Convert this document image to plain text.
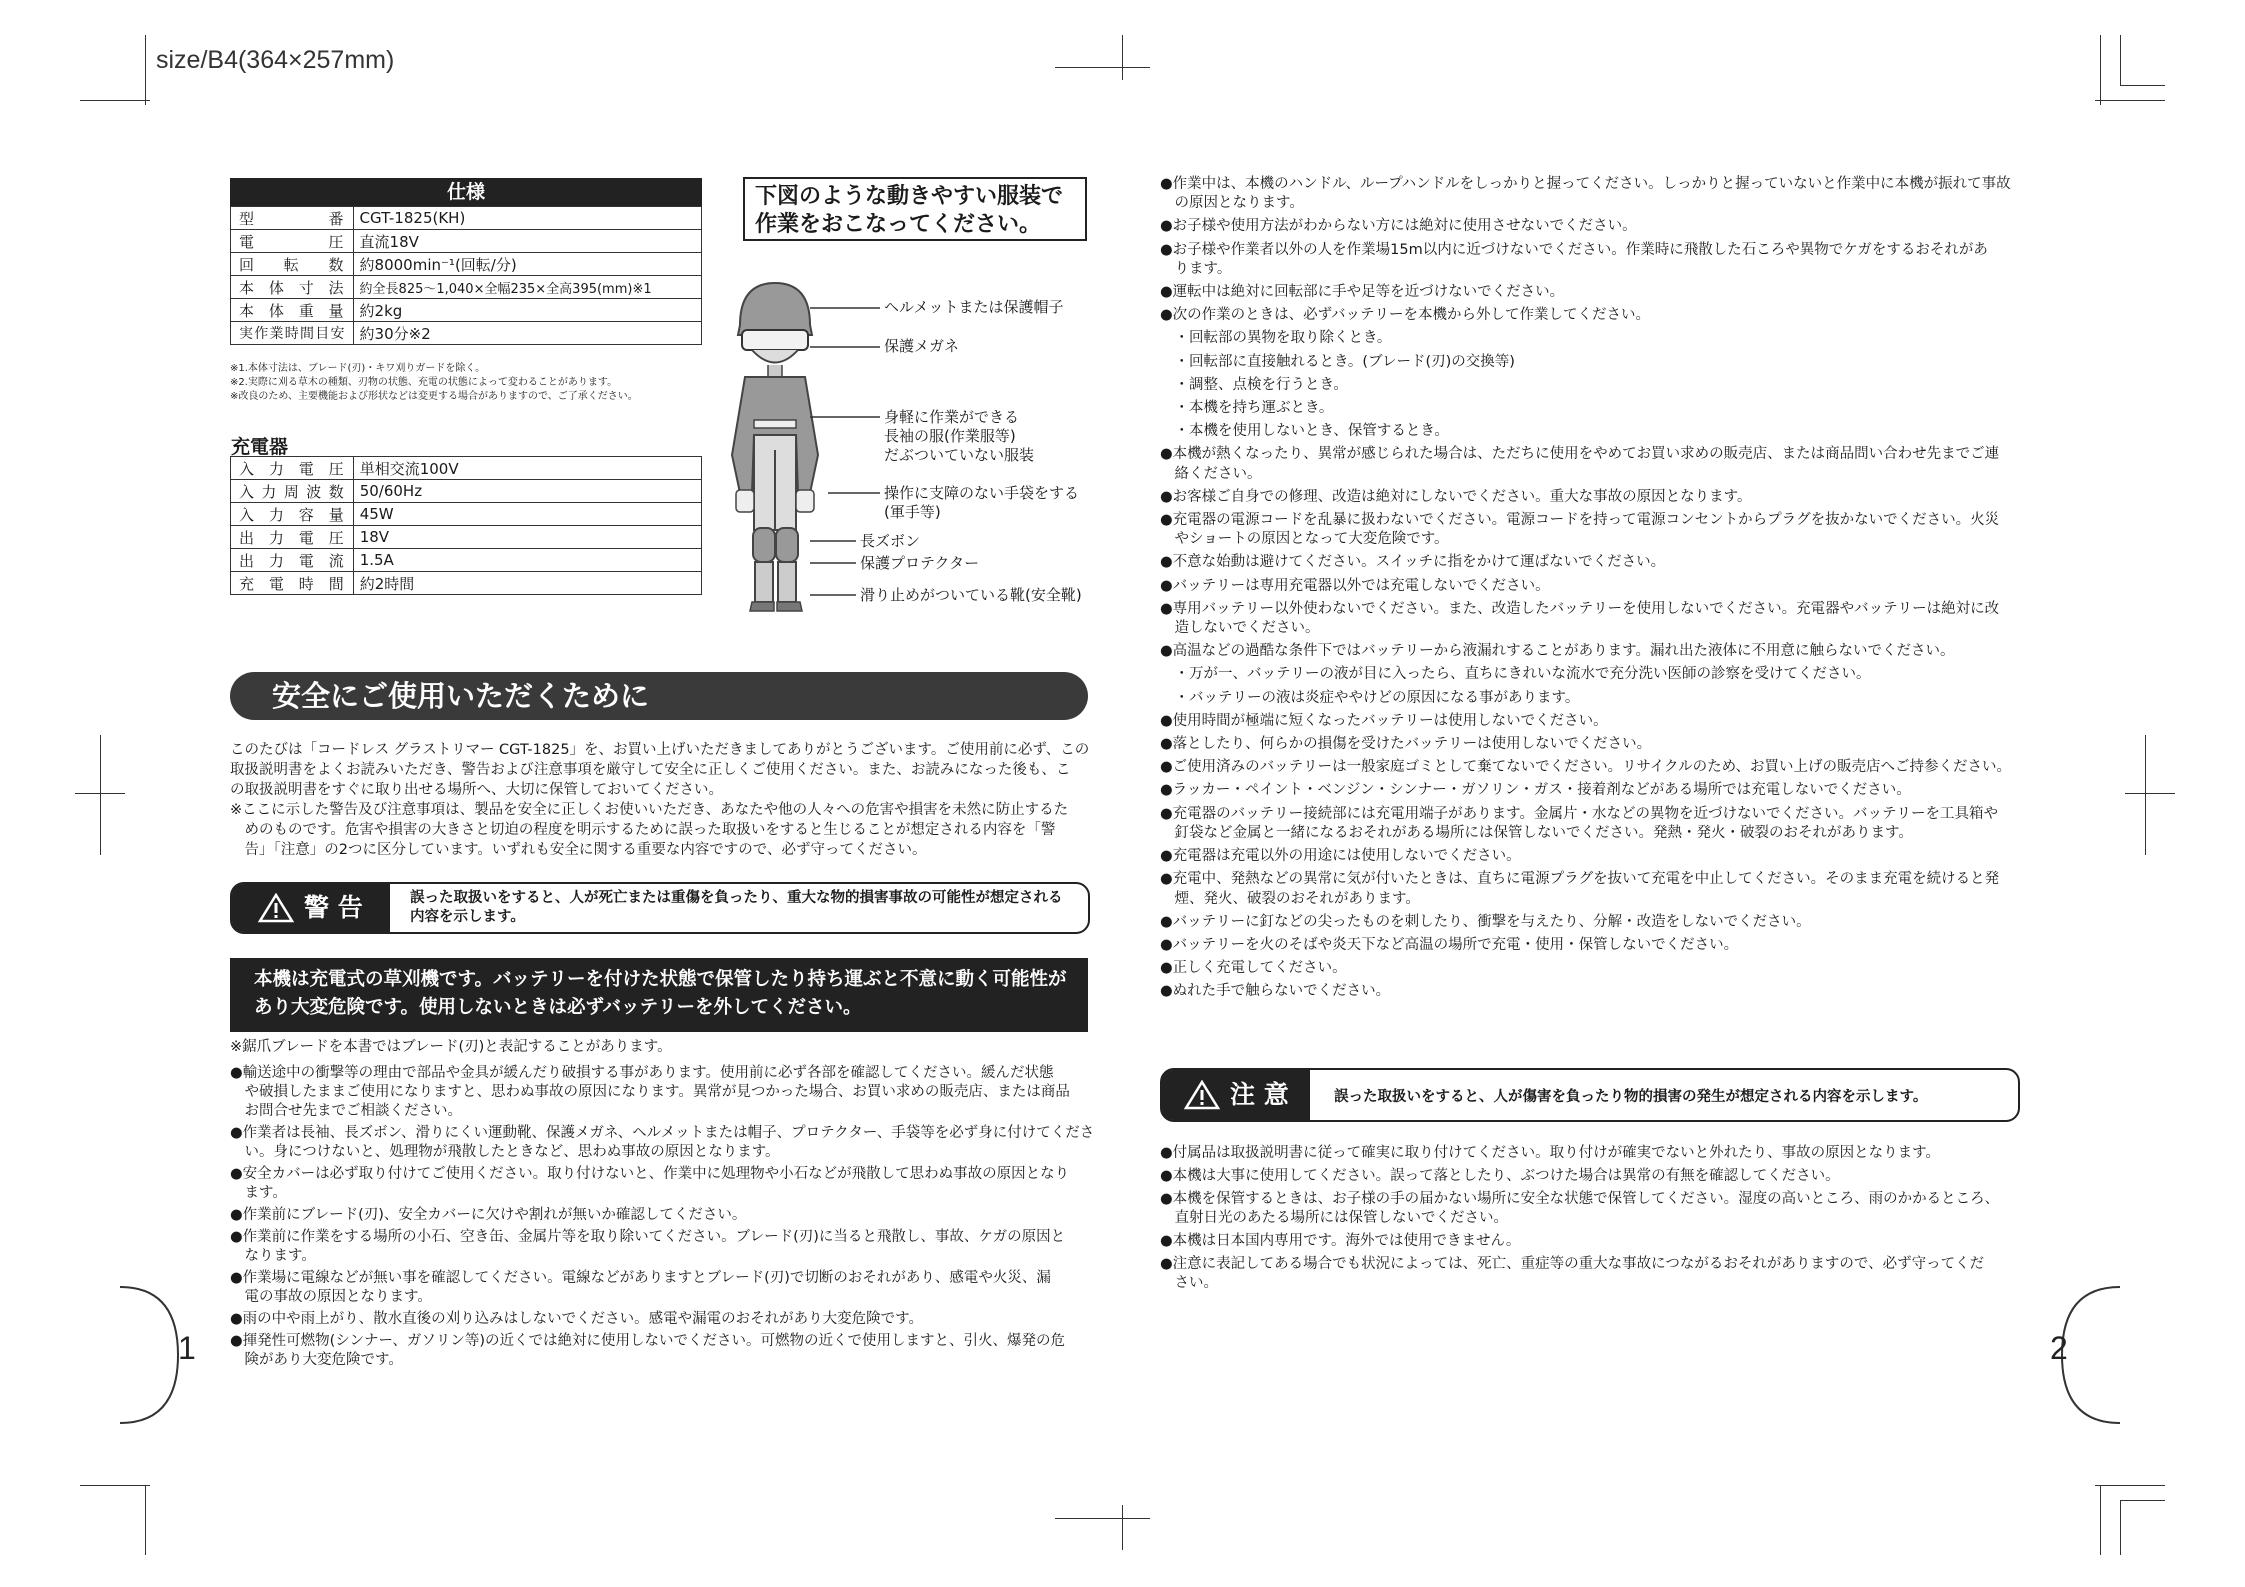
size/B4(364×257mm)
仕様
型番	CGT-1825(KH)
電圧	直流18V
回転数	約8000min⁻¹(回転/分)
本体寸法	約全長825〜1,040×全幅235×全高395(mm)※1
本体重量	約2kg
実作業時間目安	約30分※2
※1.本体寸法は、ブレード(刃)・キワ刈りガードを除く。
※2.実際に刈る草木の種類、刃物の状態、充電の状態によって変わることがあります。
※改良のため、主要機能および形状などは変更する場合がありますので、ご了承ください。
充電器
入力電圧	単相交流100V
入力周波数	50/60Hz
入力容量	45W
出力電圧	18V
出力電流	1.5A
充電時間	約2時間
下図のような動きやすい服装で
作業をおこなってください。
ヘルメットまたは保護帽子
保護メガネ
身軽に作業ができる
長袖の服(作業服等)
だぶついていない服装
操作に支障のない手袋をする
(軍手等)
長ズボン
保護プロテクター
滑り止めがついている靴(安全靴)
安全にご使用いただくために
このたびは「コードレス グラストリマー CGT-1825」を、お買い上げいただきましてありがとうございます。ご使用前に必ず、この
取扱説明書をよくお読みいただき、警告および注意事項を厳守して安全に正しくご使用ください。また、お読みになった後も、こ
の取扱説明書をすぐに取り出せる場所へ、大切に保管しておいてください。
※ここに示した警告及び注意事項は、製品を安全に正しくお使いいただき、あなたや他の人々への危害や損害を未然に防止するた
　めのものです。危害や損害の大きさと切迫の程度を明示するために誤った取扱いをすると生じることが想定される内容を「警
　告」「注意」の2つに区分しています。いずれも安全に関する重要な内容ですので、必ず守ってください。
警 告	誤った取扱いをすると、人が死亡または重傷を負ったり、重大な物的損害事故の可能性が想定される
内容を示します。
本機は充電式の草刈機です。バッテリーを付けた状態で保管したり持ち運ぶと不意に動く可能性が
あり大変危険です。使用しないときは必ずバッテリーを外してください。
※鋸爪ブレードを本書ではブレード(刃)と表記することがあります。
●輸送途中の衝撃等の理由で部品や金具が緩んだり破損する事があります。使用前に必ず各部を確認してください。緩んだ状態
　や破損したままご使用になりますと、思わぬ事故の原因になります。異常が見つかった場合、お買い求めの販売店、または商品
　お問合せ先までご相談ください。
●作業者は長袖、長ズボン、滑りにくい運動靴、保護メガネ、ヘルメットまたは帽子、プロテクター、手袋等を必ず身に付けてくださ
　い。身につけないと、処理物が飛散したときなど、思わぬ事故の原因となります。
●安全カバーは必ず取り付けてご使用ください。取り付けないと、作業中に処理物や小石などが飛散して思わぬ事故の原因となり
　ます。
●作業前にブレード(刃)、安全カバーに欠けや割れが無いか確認してください。
●作業前に作業をする場所の小石、空き缶、金属片等を取り除いてください。ブレード(刃)に当ると飛散し、事故、ケガの原因と
　なります。
●作業場に電線などが無い事を確認してください。電線などがありますとブレード(刃)で切断のおそれがあり、感電や火災、漏
　電の事故の原因となります。
●雨の中や雨上がり、散水直後の刈り込みはしないでください。感電や漏電のおそれがあり大変危険です。
●揮発性可燃物(シンナー、ガソリン等)の近くでは絶対に使用しないでください。可燃物の近くで使用しますと、引火、爆発の危
　険があり大変危険です。
●作業中は、本機のハンドル、ループハンドルをしっかりと握ってください。しっかりと握っていないと作業中に本機が振れて事故
　の原因となります。
●お子様や使用方法がわからない方には絶対に使用させないでください。
●お子様や作業者以外の人を作業場15m以内に近づけないでください。作業時に飛散した石ころや異物でケガをするおそれがあ
　ります。
●運転中は絶対に回転部に手や足等を近づけないでください。
●次の作業のときは、必ずバッテリーを本機から外して作業してください。
　・回転部の異物を取り除くとき。
　・回転部に直接触れるとき。(ブレード(刃)の交換等)
　・調整、点検を行うとき。
　・本機を持ち運ぶとき。
　・本機を使用しないとき、保管するとき。
●本機が熱くなったり、異常が感じられた場合は、ただちに使用をやめてお買い求めの販売店、または商品問い合わせ先までご連
　絡ください。
●お客様ご自身での修理、改造は絶対にしないでください。重大な事故の原因となります。
●充電器の電源コードを乱暴に扱わないでください。電源コードを持って電源コンセントからプラグを抜かないでください。火災
　やショートの原因となって大変危険です。
●不意な始動は避けてください。スイッチに指をかけて運ばないでください。
●バッテリーは専用充電器以外では充電しないでください。
●専用バッテリー以外使わないでください。また、改造したバッテリーを使用しないでください。充電器やバッテリーは絶対に改
　造しないでください。
●高温などの過酷な条件下ではバッテリーから液漏れすることがあります。漏れ出た液体に不用意に触らないでください。
　・万が一、バッテリーの液が目に入ったら、直ちにきれいな流水で充分洗い医師の診察を受けてください。
　・バッテリーの液は炎症ややけどの原因になる事があります。
●使用時間が極端に短くなったバッテリーは使用しないでください。
●落としたり、何らかの損傷を受けたバッテリーは使用しないでください。
●ご使用済みのバッテリーは一般家庭ゴミとして棄てないでください。リサイクルのため、お買い上げの販売店へご持参ください。
●ラッカー・ペイント・ベンジン・シンナー・ガソリン・ガス・接着剤などがある場所では充電しないでください。
●充電器のバッテリー接続部には充電用端子があります。金属片・水などの異物を近づけないでください。バッテリーを工具箱や
　釘袋など金属と一緒になるおそれがある場所には保管しないでください。発熱・発火・破裂のおそれがあります。
●充電器は充電以外の用途には使用しないでください。
●充電中、発熱などの異常に気が付いたときは、直ちに電源プラグを抜いて充電を中止してください。そのまま充電を続けると発
　煙、発火、破裂のおそれがあります。
●バッテリーに釘などの尖ったものを刺したり、衝撃を与えたり、分解・改造をしないでください。
●バッテリーを火のそばや炎天下など高温の場所で充電・使用・保管しないでください。
●正しく充電してください。
●ぬれた手で触らないでください。
注 意	誤った取扱いをすると、人が傷害を負ったり物的損害の発生が想定される内容を示します。
●付属品は取扱説明書に従って確実に取り付けてください。取り付けが確実でないと外れたり、事故の原因となります。
●本機は大事に使用してください。誤って落としたり、ぶつけた場合は異常の有無を確認してください。
●本機を保管するときは、お子様の手の届かない場所に安全な状態で保管してください。湿度の高いところ、雨のかかるところ、
　直射日光のあたる場所には保管しないでください。
●本機は日本国内専用です。海外では使用できません。
●注意に表記してある場合でも状況によっては、死亡、重症等の重大な事故につながるおそれがありますので、必ず守ってくだ
　さい。
1	2
